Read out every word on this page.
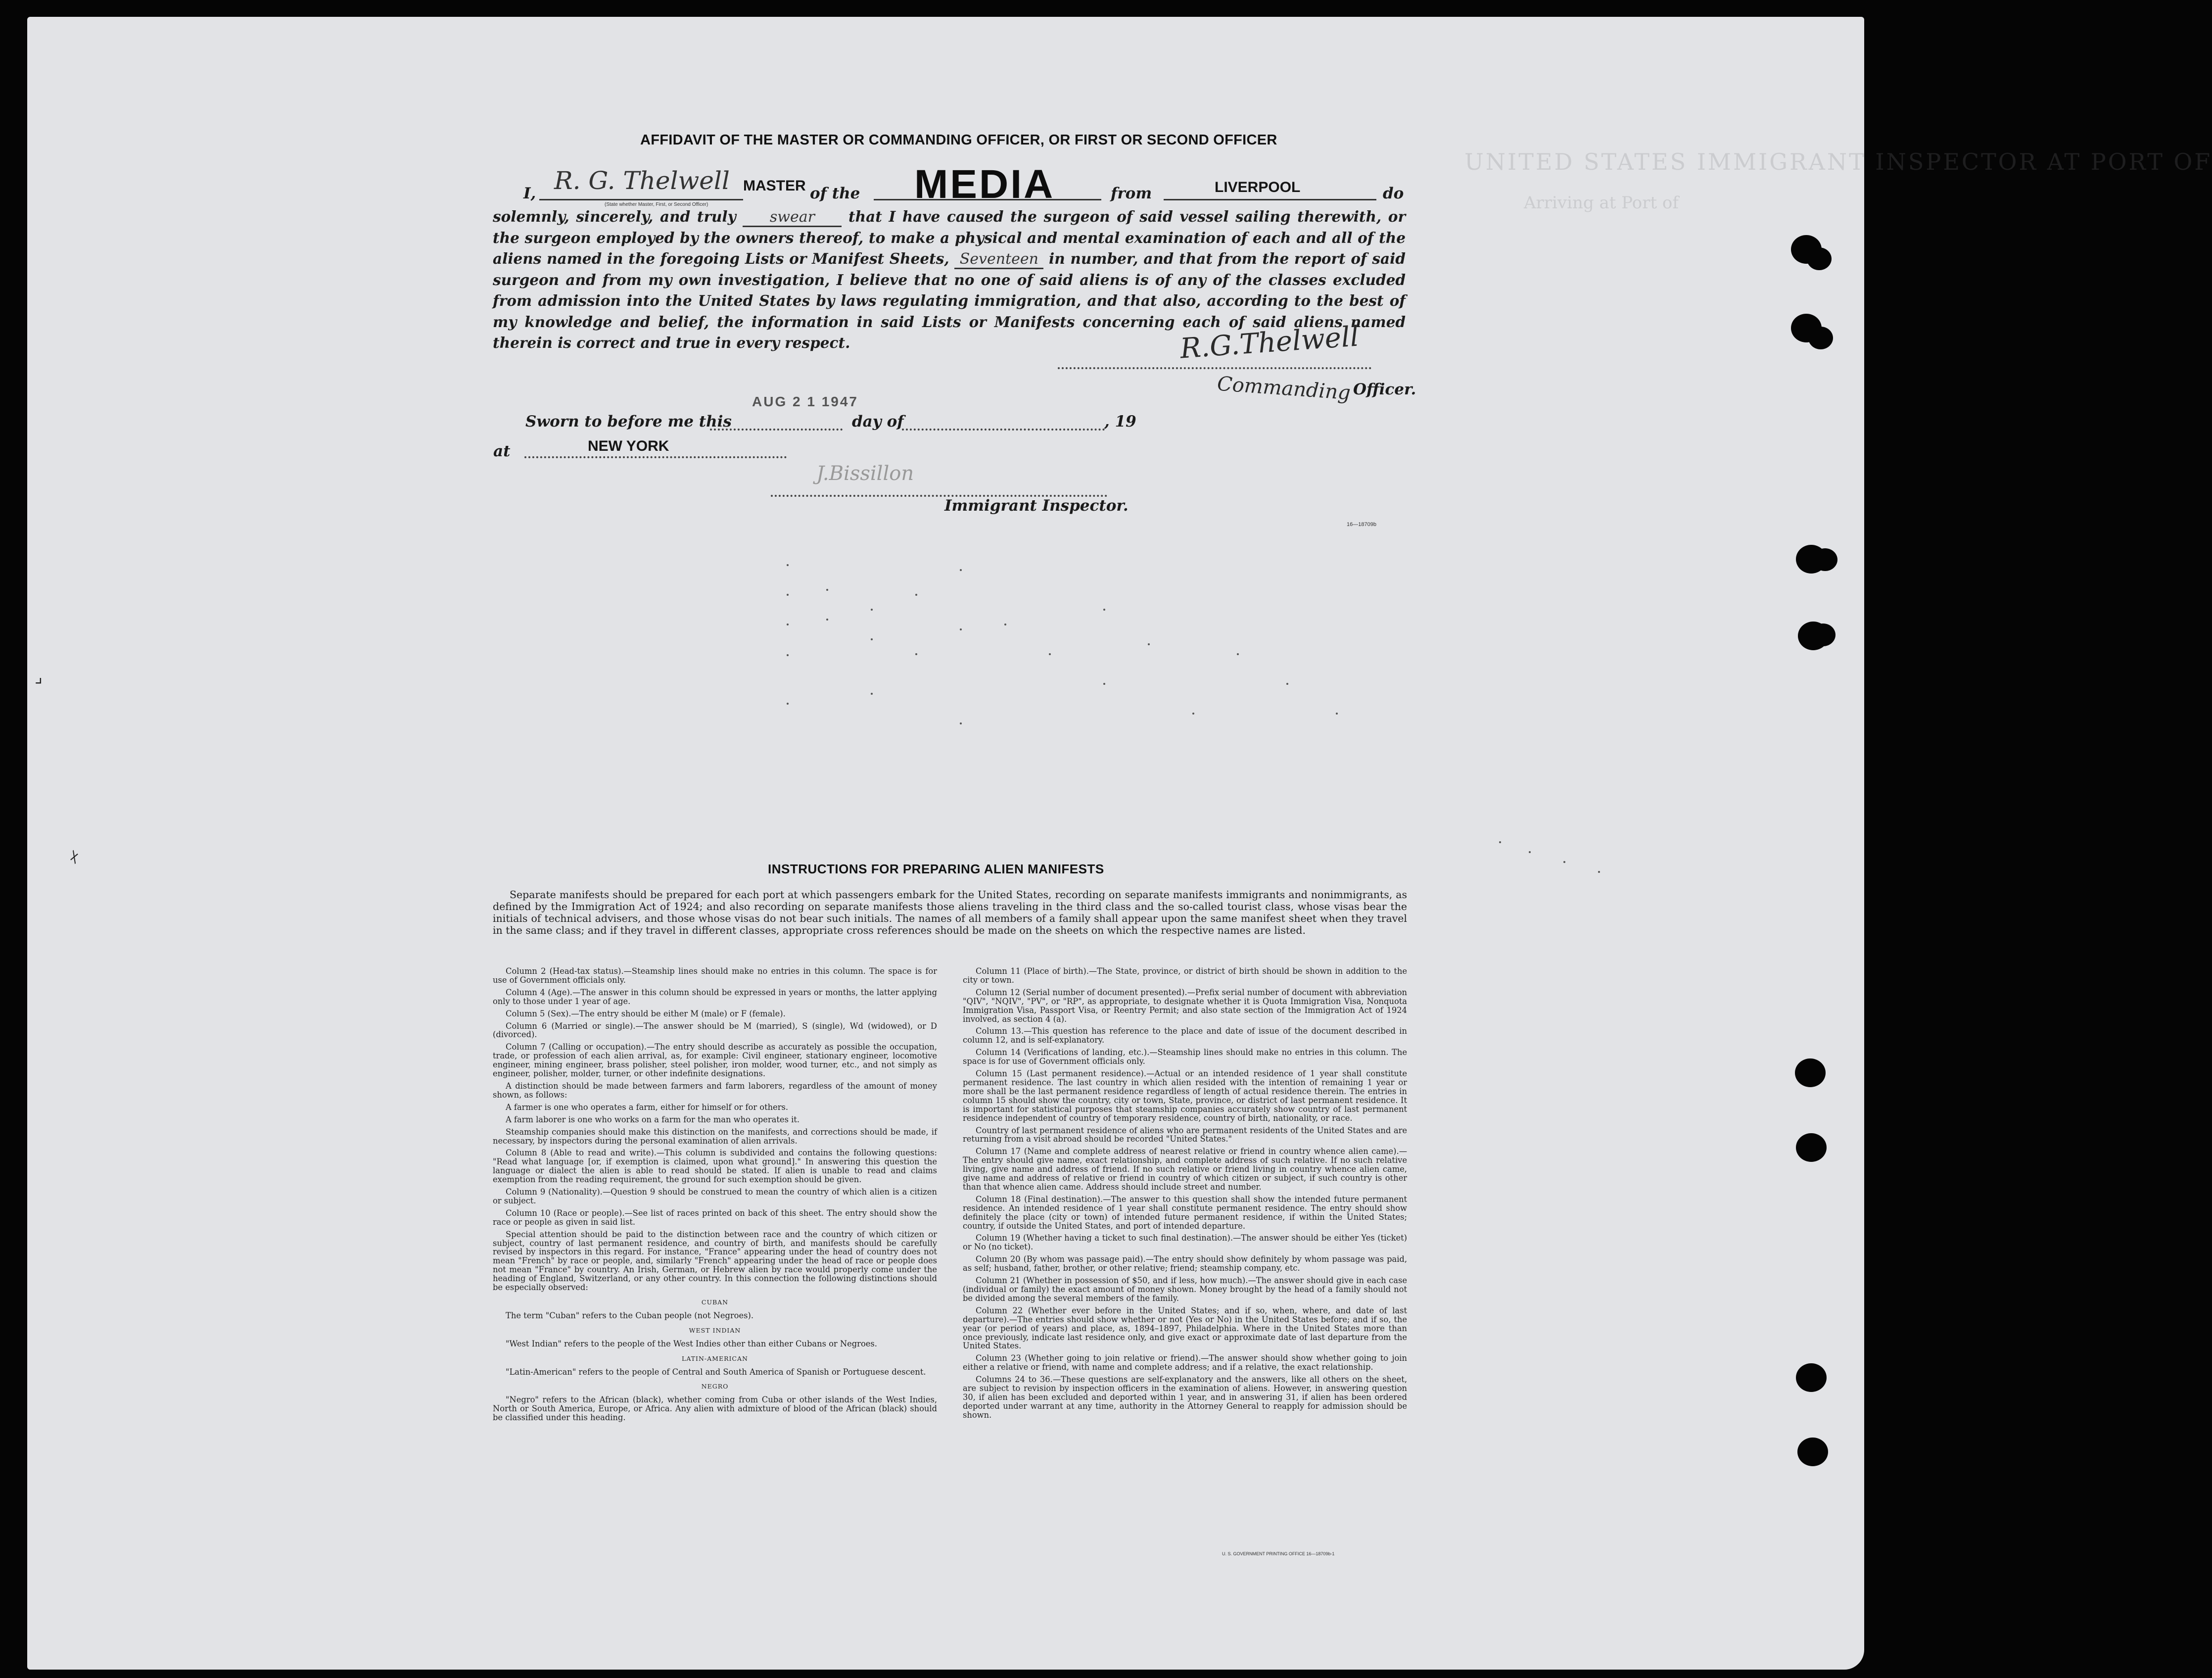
UNITED STATES IMMIGRANT INSPECTOR AT PORT OF
Arriving at Port of
⌟
⌿
AFFIDAVIT OF THE MASTER OR COMMANDING OFFICER, OR FIRST OR SECOND OFFICER
I, R. G. Thelwell MASTER
(State whether Master, First, or Second Officer)
of the MEDIA	from	LIVERPOOL	do
solemnly, sincerely, and truly swear that I have caused the surgeon of said vessel sailing therewith, or the surgeon employed by the owners thereof, to make a physical and mental examination of each and all of the aliens named in the foregoing Lists or Manifest Sheets, Seventeen in number, and that from the report of said surgeon and from my own investigation, I believe that no one of said aliens is of any of the classes excluded from admission into the United States by laws regulating immigration, and that also, according to the best of my knowledge and belief, the information in said Lists or Manifests concerning each of said aliens named therein is correct and true in every respect.	R.G.Thelwell
Commanding Officer.
Sworn to before me this
AUG 2 1 1947
day of	, 19
at	NEW YORK
J.Bissillon
Immigrant Inspector.
16—18709b
INSTRUCTIONS FOR PREPARING ALIEN MANIFESTS
Separate manifests should be prepared for each port at which passengers embark for the United States, recording on separate manifests immigrants and nonimmigrants, as defined by the Immigration Act of 1924; and also recording on separate manifests those aliens traveling in the third class and the so-called tourist class, whose visas bear the initials of technical advisers, and those whose visas do not bear such initials. The names of all members of a family shall appear upon the same manifest sheet when they travel in the same class; and if they travel in different classes, appropriate cross references should be made on the sheets on which the respective names are listed.

Column 2 (Head-tax status).—Steamship lines should make no entries in this column. The space is for use of Government officials only.

Column 4 (Age).—The answer in this column should be expressed in years or months, the latter applying only to those under 1 year of age.

Column 5 (Sex).—The entry should be either M (male) or F (female).

Column 6 (Married or single).—The answer should be M (married), S (single), Wd (widowed), or D (divorced).

Column 7 (Calling or occupation).—The entry should describe as accurately as possible the occupation, trade, or profession of each alien arrival, as, for example: Civil engineer, stationary engineer, locomotive engineer, mining engineer, brass polisher, steel polisher, iron molder, wood turner, etc., and not simply as engineer, polisher, molder, turner, or other indefinite designations.

A distinction should be made between farmers and farm laborers, regardless of the amount of money shown, as follows:

A farmer is one who operates a farm, either for himself or for others.

A farm laborer is one who works on a farm for the man who operates it.

Steamship companies should make this distinction on the manifests, and corrections should be made, if necessary, by inspectors during the personal examination of alien arrivals.

Column 8 (Able to read and write).—This column is subdivided and contains the following questions: "Read what language [or, if exemption is claimed, upon what ground]." In answering this question the language or dialect the alien is able to read should be stated. If alien is unable to read and claims exemption from the reading requirement, the ground for such exemption should be given.

Column 9 (Nationality).—Question 9 should be construed to mean the country of which alien is a citizen or subject.

Column 10 (Race or people).—See list of races printed on back of this sheet. The entry should show the race or people as given in said list.

Special attention should be paid to the distinction between race and the country of which citizen or subject, country of last permanent residence, and country of birth, and manifests should be carefully revised by inspectors in this regard. For instance, "France" appearing under the head of country does not mean "French" by race or people, and, similarly "French" appearing under the head of race or people does not mean "France" by country. An Irish, German, or Hebrew alien by race would properly come under the heading of England, Switzerland, or any other country. In this connection the following distinctions should be especially observed:

CUBAN

The term "Cuban" refers to the Cuban people (not Negroes).

WEST INDIAN

"West Indian" refers to the people of the West Indies other than either Cubans or Negroes.

LATIN-AMERICAN

"Latin-American" refers to the people of Central and South America of Spanish or Portuguese descent.

NEGRO

"Negro" refers to the African (black), whether coming from Cuba or other islands of the West Indies, North or South America, Europe, or Africa. Any alien with admixture of blood of the African (black) should be classified under this heading.

Column 11 (Place of birth).—The State, province, or district of birth should be shown in addition to the city or town.

Column 12 (Serial number of document presented).—Prefix serial number of document with abbreviation "QIV", "NQIV", "PV", or "RP", as appropriate, to designate whether it is Quota Immigration Visa, Nonquota Immigration Visa, Passport Visa, or Reentry Permit; and also state section of the Immigration Act of 1924 involved, as section 4 (a).

Column 13.—This question has reference to the place and date of issue of the document described in column 12, and is self-explanatory.

Column 14 (Verifications of landing, etc.).—Steamship lines should make no entries in this column. The space is for use of Government officials only.

Column 15 (Last permanent residence).—Actual or an intended residence of 1 year shall constitute permanent residence. The last country in which alien resided with the intention of remaining 1 year or more shall be the last permanent residence regardless of length of actual residence therein. The entries in column 15 should show the country, city or town, State, province, or district of last permanent residence. It is important for statistical purposes that steamship companies accurately show country of last permanent residence independent of country of temporary residence, country of birth, nationality, or race.

Country of last permanent residence of aliens who are permanent residents of the United States and are returning from a visit abroad should be recorded "United States."

Column 17 (Name and complete address of nearest relative or friend in country whence alien came).—The entry should give name, exact relationship, and complete address of such relative. If no such relative living, give name and address of friend. If no such relative or friend living in country whence alien came, give name and address of relative or friend in country of which citizen or subject, if such country is other than that whence alien came. Address should include street and number.

Column 18 (Final destination).—The answer to this question shall show the intended future permanent residence. An intended residence of 1 year shall constitute permanent residence. The entry should show definitely the place (city or town) of intended future permanent residence, if within the United States; country, if outside the United States, and port of intended departure.

Column 19 (Whether having a ticket to such final destination).—The answer should be either Yes (ticket) or No (no ticket).

Column 20 (By whom was passage paid).—The entry should show definitely by whom passage was paid, as self; husband, father, brother, or other relative; friend; steamship company, etc.

Column 21 (Whether in possession of $50, and if less, how much).—The answer should give in each case (individual or family) the exact amount of money shown. Money brought by the head of a family should not be divided among the several members of the family.

Column 22 (Whether ever before in the United States; and if so, when, where, and date of last departure).—The entries should show whether or not (Yes or No) in the United States before; and if so, the year (or period of years) and place, as, 1894–1897, Philadelphia. Where in the United States more than once previously, indicate last residence only, and give exact or approximate date of last departure from the United States.

Column 23 (Whether going to join relative or friend).—The answer should show whether going to join either a relative or friend, with name and complete address; and if a relative, the exact relationship.

Columns 24 to 36.—These questions are self-explanatory and the answers, like all others on the sheet, are subject to revision by inspection officers in the examination of aliens. However, in answering question 30, if alien has been excluded and deported within 1 year, and in answering 31, if alien has been ordered deported under warrant at any time, authority in the Attorney General to reapply for admission should be shown.

U. S. GOVERNMENT PRINTING OFFICE 16—18709b-1
